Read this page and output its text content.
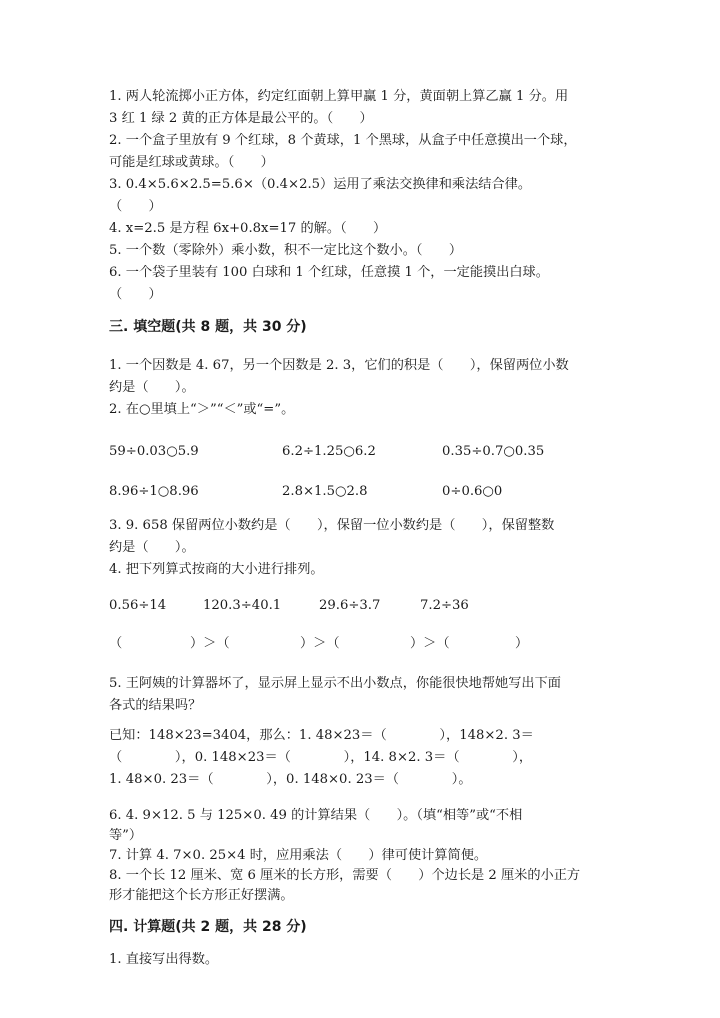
1. 两人轮流掷小正方体，约定红面朝上算甲赢 1 分，黄面朝上算乙赢 1 分。用
3 红 1 绿 2 黄的正方体是最公平的。（　　）
2. 一个盒子里放有 9 个红球，8 个黄球，1 个黑球，从盒子中任意摸出一个球，
可能是红球或黄球。（　　）
3. 0.4×5.6×2.5=5.6×（0.4×2.5）运用了乘法交换律和乘法结合律。
（　　）
4. x=2.5 是方程 6x+0.8x=17 的解。（　　）
5. 一个数（零除外）乘小数，积不一定比这个数小。（　　）
6. 一个袋子里装有 100 白球和 1 个红球，任意摸 1 个，一定能摸出白球。
（　　）
三. 填空题(共 8 题，共 30 分)
1. 一个因数是 4. 67，另一个因数是 2. 3，它们的积是（　　），保留两位小数
约是（　　）。
2. 在○里填上“＞”“＜”或“=”。
59÷0.03○5.9	6.2÷1.25○6.2	0.35÷0.7○0.35
8.96÷1○8.96	2.8×1.5○2.8	0÷0.6○0
3. 9. 658 保留两位小数约是（　　），保留一位小数约是（　　），保留整数
约是（　　）。
4. 把下列算式按商的大小进行排列。
0.56÷14	120.3÷40.1	29.6÷3.7	7.2÷36
（	）＞（	）＞（	）＞（	）
5. 王阿姨的计算器坏了，显示屏上显示不出小数点，你能很快地帮她写出下面
各式的结果吗？
已知：148×23=3404，那么：1. 48×23＝（　　　　），148×2. 3＝
（　　　　），0. 148×23＝（　　　　），14. 8×2. 3＝（　　　　），
1. 48×0. 23＝（　　　　），0. 148×0. 23＝（　　　　）。
6. 4. 9×12. 5 与 125×0. 49 的计算结果（　　）。（填“相等”或“不相
等”）
7. 计算 4. 7×0. 25×4 时，应用乘法（　　）律可使计算简便。
8. 一个长 12 厘米、宽 6 厘米的长方形，需要（　　）个边长是 2 厘米的小正方
形才能把这个长方形正好摆满。
四. 计算题(共 2 题，共 28 分)
1. 直接写出得数。
